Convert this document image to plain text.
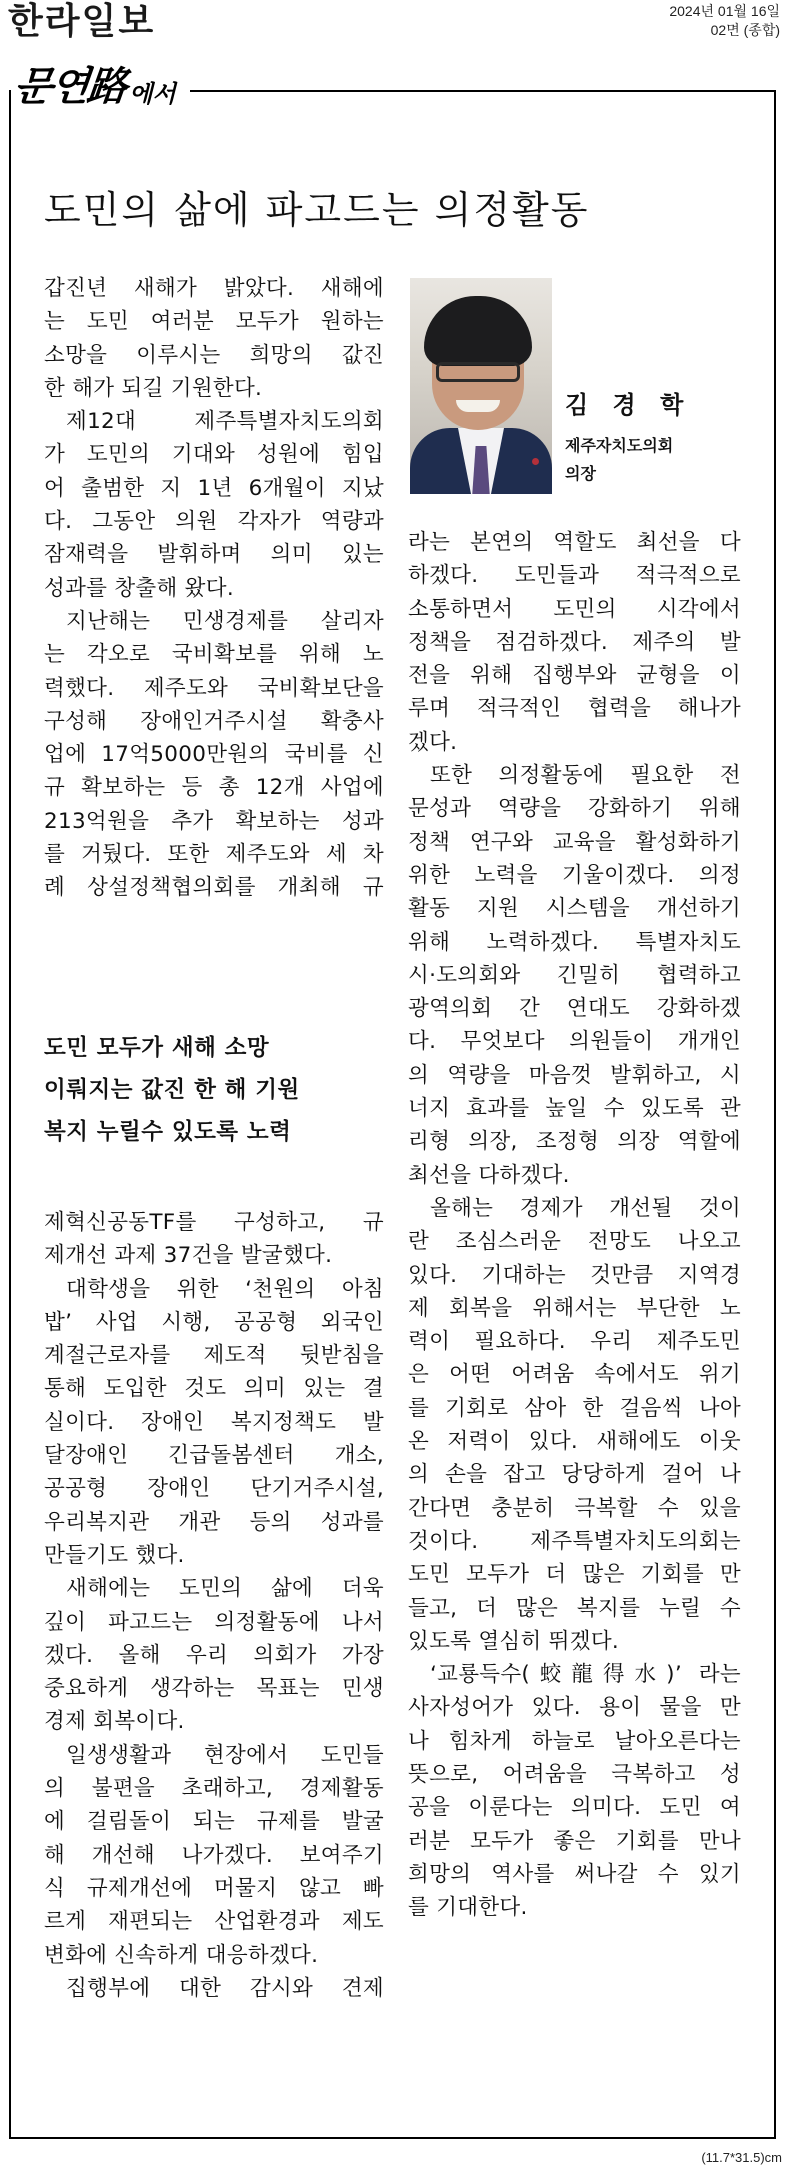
한라일보	2024년 01월 16일
02면 (종합)
문연路 에서
도민의 삶에 파고드는 의정활동
갑진년 새해가 밝았다. 새해에
는 도민 여러분 모두가 원하는
소망을 이루시는 희망의 값진
한 해가 되길 기원한다.
제12대 제주특별자치도의회
가 도민의 기대와 성원에 힘입
어 출범한 지 1년 6개월이 지났
다. 그동안 의원 각자가 역량과
잠재력을 발휘하며 의미 있는
성과를 창출해 왔다.
지난해는 민생경제를 살리자
는 각오로 국비확보를 위해 노
력했다. 제주도와 국비확보단을
구성해 장애인거주시설 확충사
업에 17억5000만원의 국비를 신
규 확보하는 등 총 12개 사업에
213억원을 추가 확보하는 성과
를 거뒀다. 또한 제주도와 세 차
례 상설정책협의회를 개최해 규
도민 모두가 새해 소망
이뤄지는 값진 한 해 기원
복지 누릴수 있도록 노력
제혁신공동TF를 구성하고, 규
제개선 과제 37건을 발굴했다.
대학생을 위한 ‘천원의 아침
밥’ 사업 시행, 공공형 외국인
계절근로자를 제도적 뒷받침을
통해 도입한 것도 의미 있는 결
실이다. 장애인 복지정책도 발
달장애인 긴급돌봄센터 개소,
공공형 장애인 단기거주시설,
우리복지관 개관 등의 성과를
만들기도 했다.
새해에는 도민의 삶에 더욱
깊이 파고드는 의정활동에 나서
겠다. 올해 우리 의회가 가장
중요하게 생각하는 목표는 민생
경제 회복이다.
일생생활과 현장에서 도민들
의 불편을 초래하고, 경제활동
에 걸림돌이 되는 규제를 발굴
해 개선해 나가겠다. 보여주기
식 규제개선에 머물지 않고 빠
르게 재편되는 산업환경과 제도
변화에 신속하게 대응하겠다.
집행부에 대한 감시와 견제
김 경 학
제주자치도의회
의장
라는 본연의 역할도 최선을 다
하겠다. 도민들과 적극적으로
소통하면서 도민의 시각에서
정책을 점검하겠다. 제주의 발
전을 위해 집행부와 균형을 이
루며 적극적인 협력을 해나가
겠다.
또한 의정활동에 필요한 전
문성과 역량을 강화하기 위해
정책 연구와 교육을 활성화하기
위한 노력을 기울이겠다. 의정
활동 지원 시스템을 개선하기
위해 노력하겠다. 특별자치도
시·도의회와 긴밀히 협력하고
광역의회 간 연대도 강화하겠
다. 무엇보다 의원들이 개개인
의 역량을 마음껏 발휘하고, 시
너지 효과를 높일 수 있도록 관
리형 의장, 조정형 의장 역할에
최선을 다하겠다.
올해는 경제가 개선될 것이
란 조심스러운 전망도 나오고
있다. 기대하는 것만큼 지역경
제 회복을 위해서는 부단한 노
력이 필요하다. 우리 제주도민
은 어떤 어려움 속에서도 위기
를 기회로 삼아 한 걸음씩 나아
온 저력이 있다. 새해에도 이웃
의 손을 잡고 당당하게 걸어 나
간다면 충분히 극복할 수 있을
것이다. 제주특별자치도의회는
도민 모두가 더 많은 기회를 만
들고, 더 많은 복지를 누릴 수
있도록 열심히 뛰겠다.
‘교룡득수(蛟龍得水)’ 라는
사자성어가 있다. 용이 물을 만
나 힘차게 하늘로 날아오른다는
뜻으로, 어려움을 극복하고 성
공을 이룬다는 의미다. 도민 여
러분 모두가 좋은 기회를 만나
희망의 역사를 써나갈 수 있기
를 기대한다.
(11.7*31.5)cm
